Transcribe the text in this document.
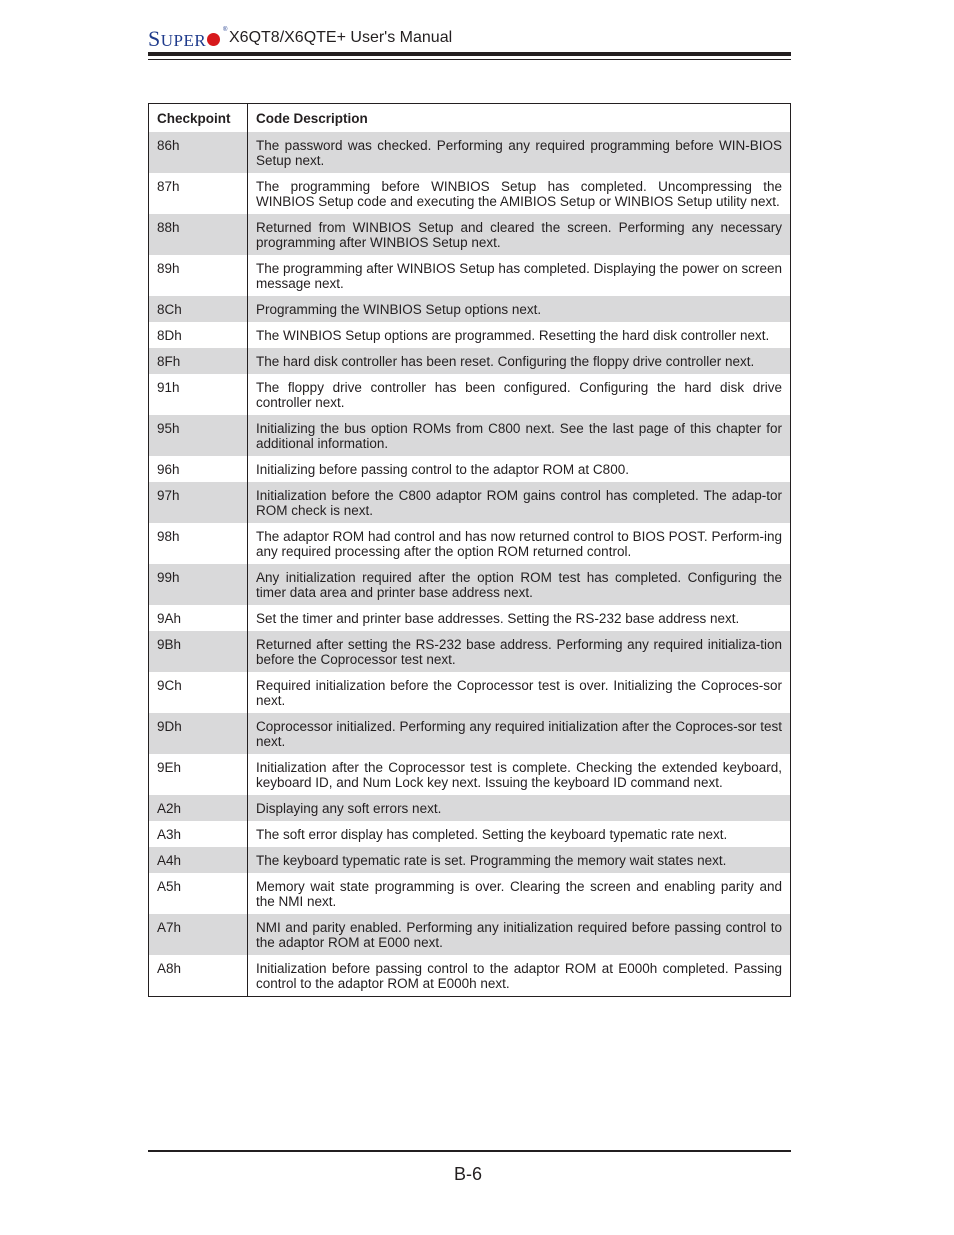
SUPER
® X6QT8/X6QTE+ User's Manual
Checkpoint	Code Description
86h	The password was checked. Performing any required programming before WIN-BIOS Setup next.
87h	The programming before WINBIOS Setup has completed. Uncompressing the WINBIOS Setup code and executing the AMIBIOS Setup or WINBIOS Setup utility next.
88h	Returned from WINBIOS Setup and cleared the screen. Performing any necessary programming after WINBIOS Setup next.
89h	The programming after WINBIOS Setup has completed. Displaying the power on screen message next.
8Ch	Programming the WINBIOS Setup options next.
8Dh	The WINBIOS Setup options are programmed. Resetting the hard disk controller next.
8Fh	The hard disk controller has been reset. Configuring the floppy drive controller next.
91h	The floppy drive controller has been configured. Configuring the hard disk drive controller next.
95h	Initializing the bus option ROMs from C800 next. See the last page of this chapter for additional information.
96h	Initializing before passing control to the adaptor ROM at C800.
97h	Initialization before the C800 adaptor ROM gains control has completed. The adap-tor ROM check is next.
98h	The adaptor ROM had control and has now returned control to BIOS POST. Perform-ing any required processing after the option ROM returned control.
99h	Any initialization required after the option ROM test has completed. Configuring the timer data area and printer base address next.
9Ah	Set the timer and printer base addresses. Setting the RS-232 base address next.
9Bh	Returned after setting the RS-232 base address. Performing any required initializa-tion before the Coprocessor test next.
9Ch	Required initialization before the Coprocessor test is over. Initializing the Coproces-sor next.
9Dh	Coprocessor initialized. Performing any required initialization after the Coproces-sor test next.
9Eh	Initialization after the Coprocessor test is complete. Checking the extended keyboard, keyboard ID, and Num Lock key next. Issuing the keyboard ID command next.
A2h	Displaying any soft errors next.
A3h	The soft error display has completed. Setting the keyboard typematic rate next.
A4h	The keyboard typematic rate is set. Programming the memory wait states next.
A5h	Memory wait state programming is over. Clearing the screen and enabling parity and the NMI next.
A7h	NMI and parity enabled. Performing any initialization required before passing control to the adaptor ROM at E000 next.
A8h	Initialization before passing control to the adaptor ROM at E000h completed. Passing control to the adaptor ROM at E000h next.
B-6
